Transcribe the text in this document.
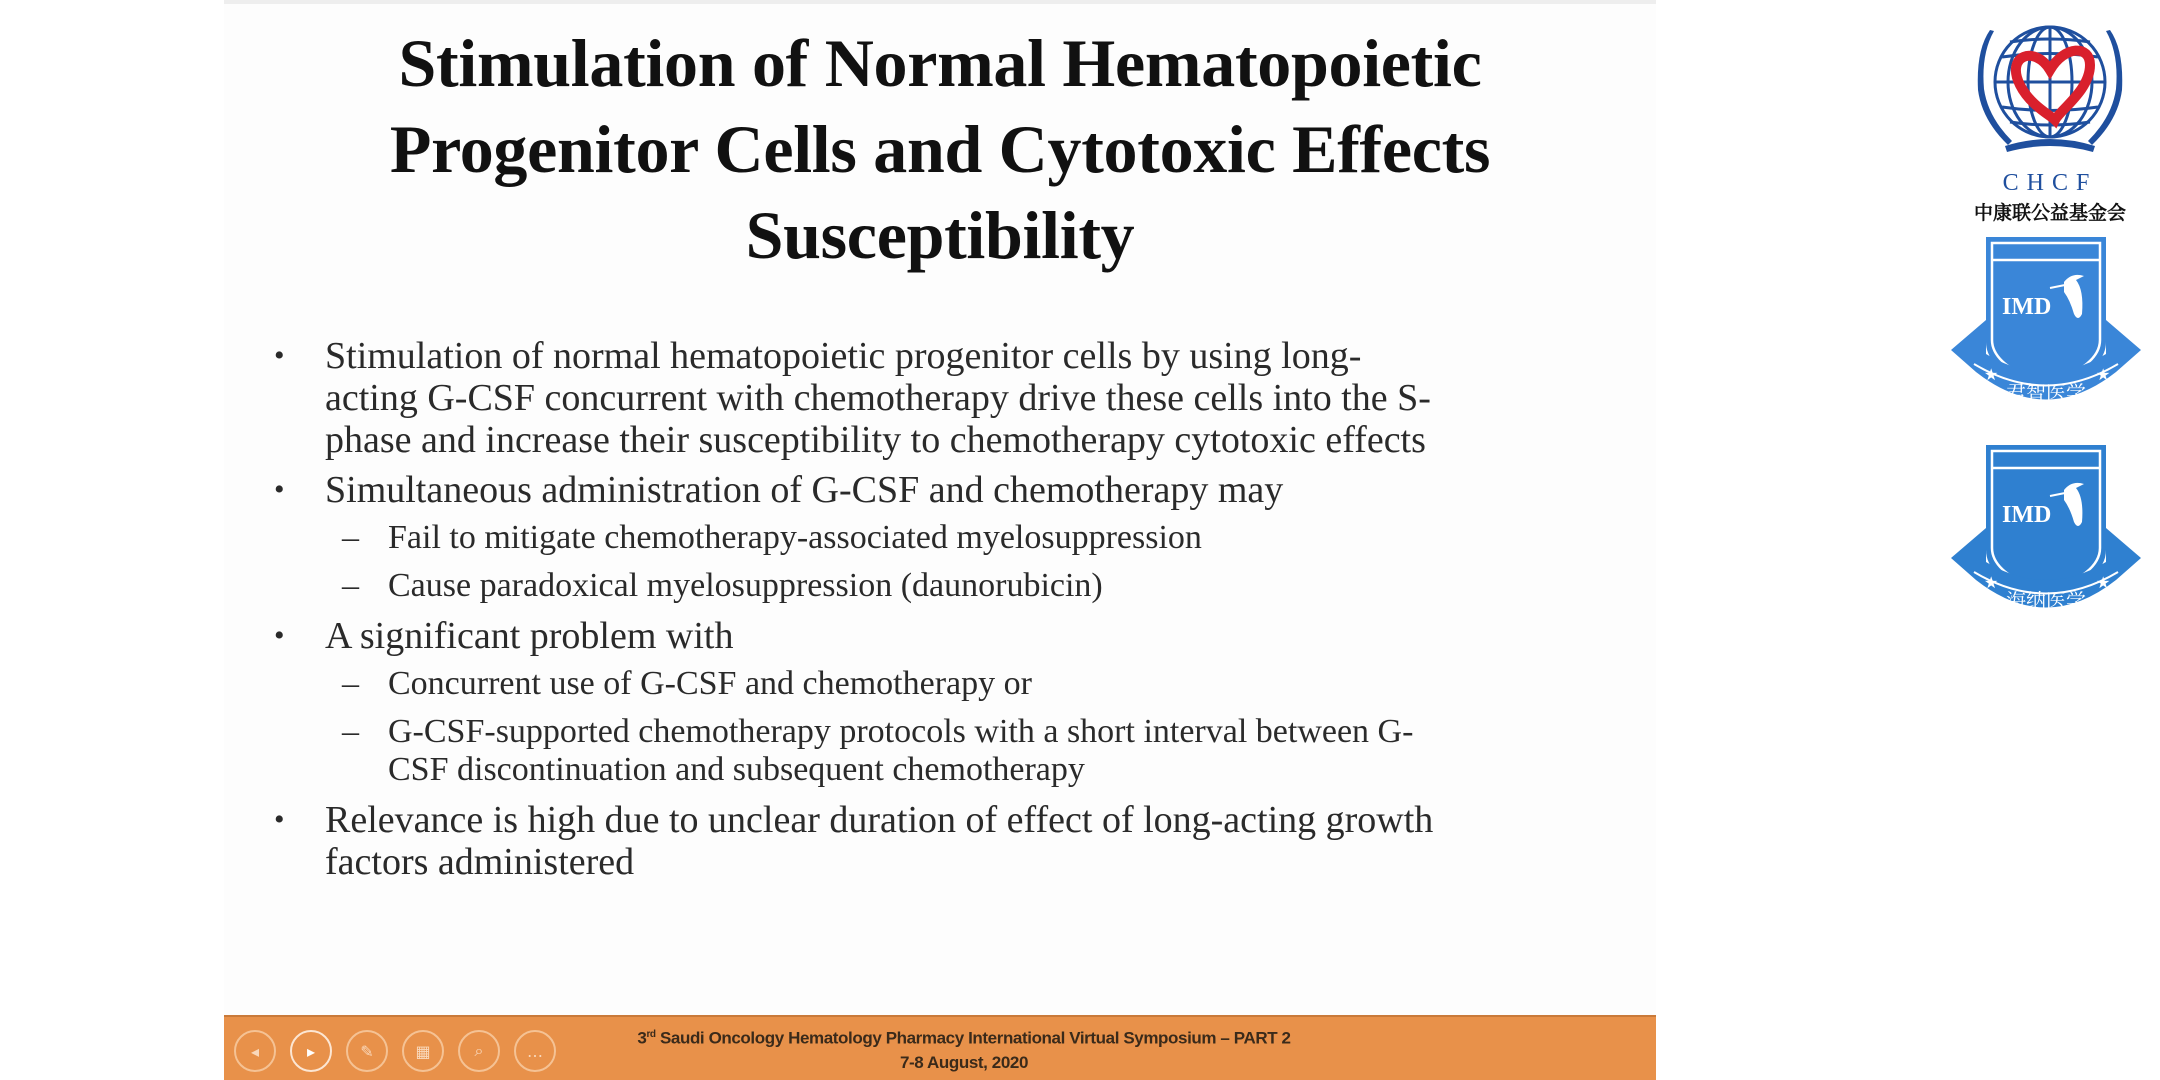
Stimulation of Normal Hematopoietic
Progenitor Cells and Cytotoxic Effects
Susceptibility
• Stimulation of normal hematopoietic progenitor cells by using long-
acting G-CSF concurrent with chemotherapy drive these cells into the S-
phase and increase their susceptibility to chemotherapy cytotoxic effects
• Simultaneous administration of G-CSF and chemotherapy may
– Fail to mitigate chemotherapy-associated myelosuppression
– Cause paradoxical myelosuppression (daunorubicin)
• A significant problem with
– Concurrent use of G-CSF and chemotherapy or
– G-CSF-supported chemotherapy protocols with a short interval between G-
CSF discontinuation and subsequent chemotherapy
• Relevance is high due to unclear duration of effect of long-acting growth
factors administered
◂	▸	✎	▦	⌕	…
3rd Saudi Oncology Hematology Pharmacy International Virtual Symposium – PART 2
7-8 August, 2020
CHCF
中康联公益基金会
IMD
★	★
君智医学
IMD
★	★
海纳医学
